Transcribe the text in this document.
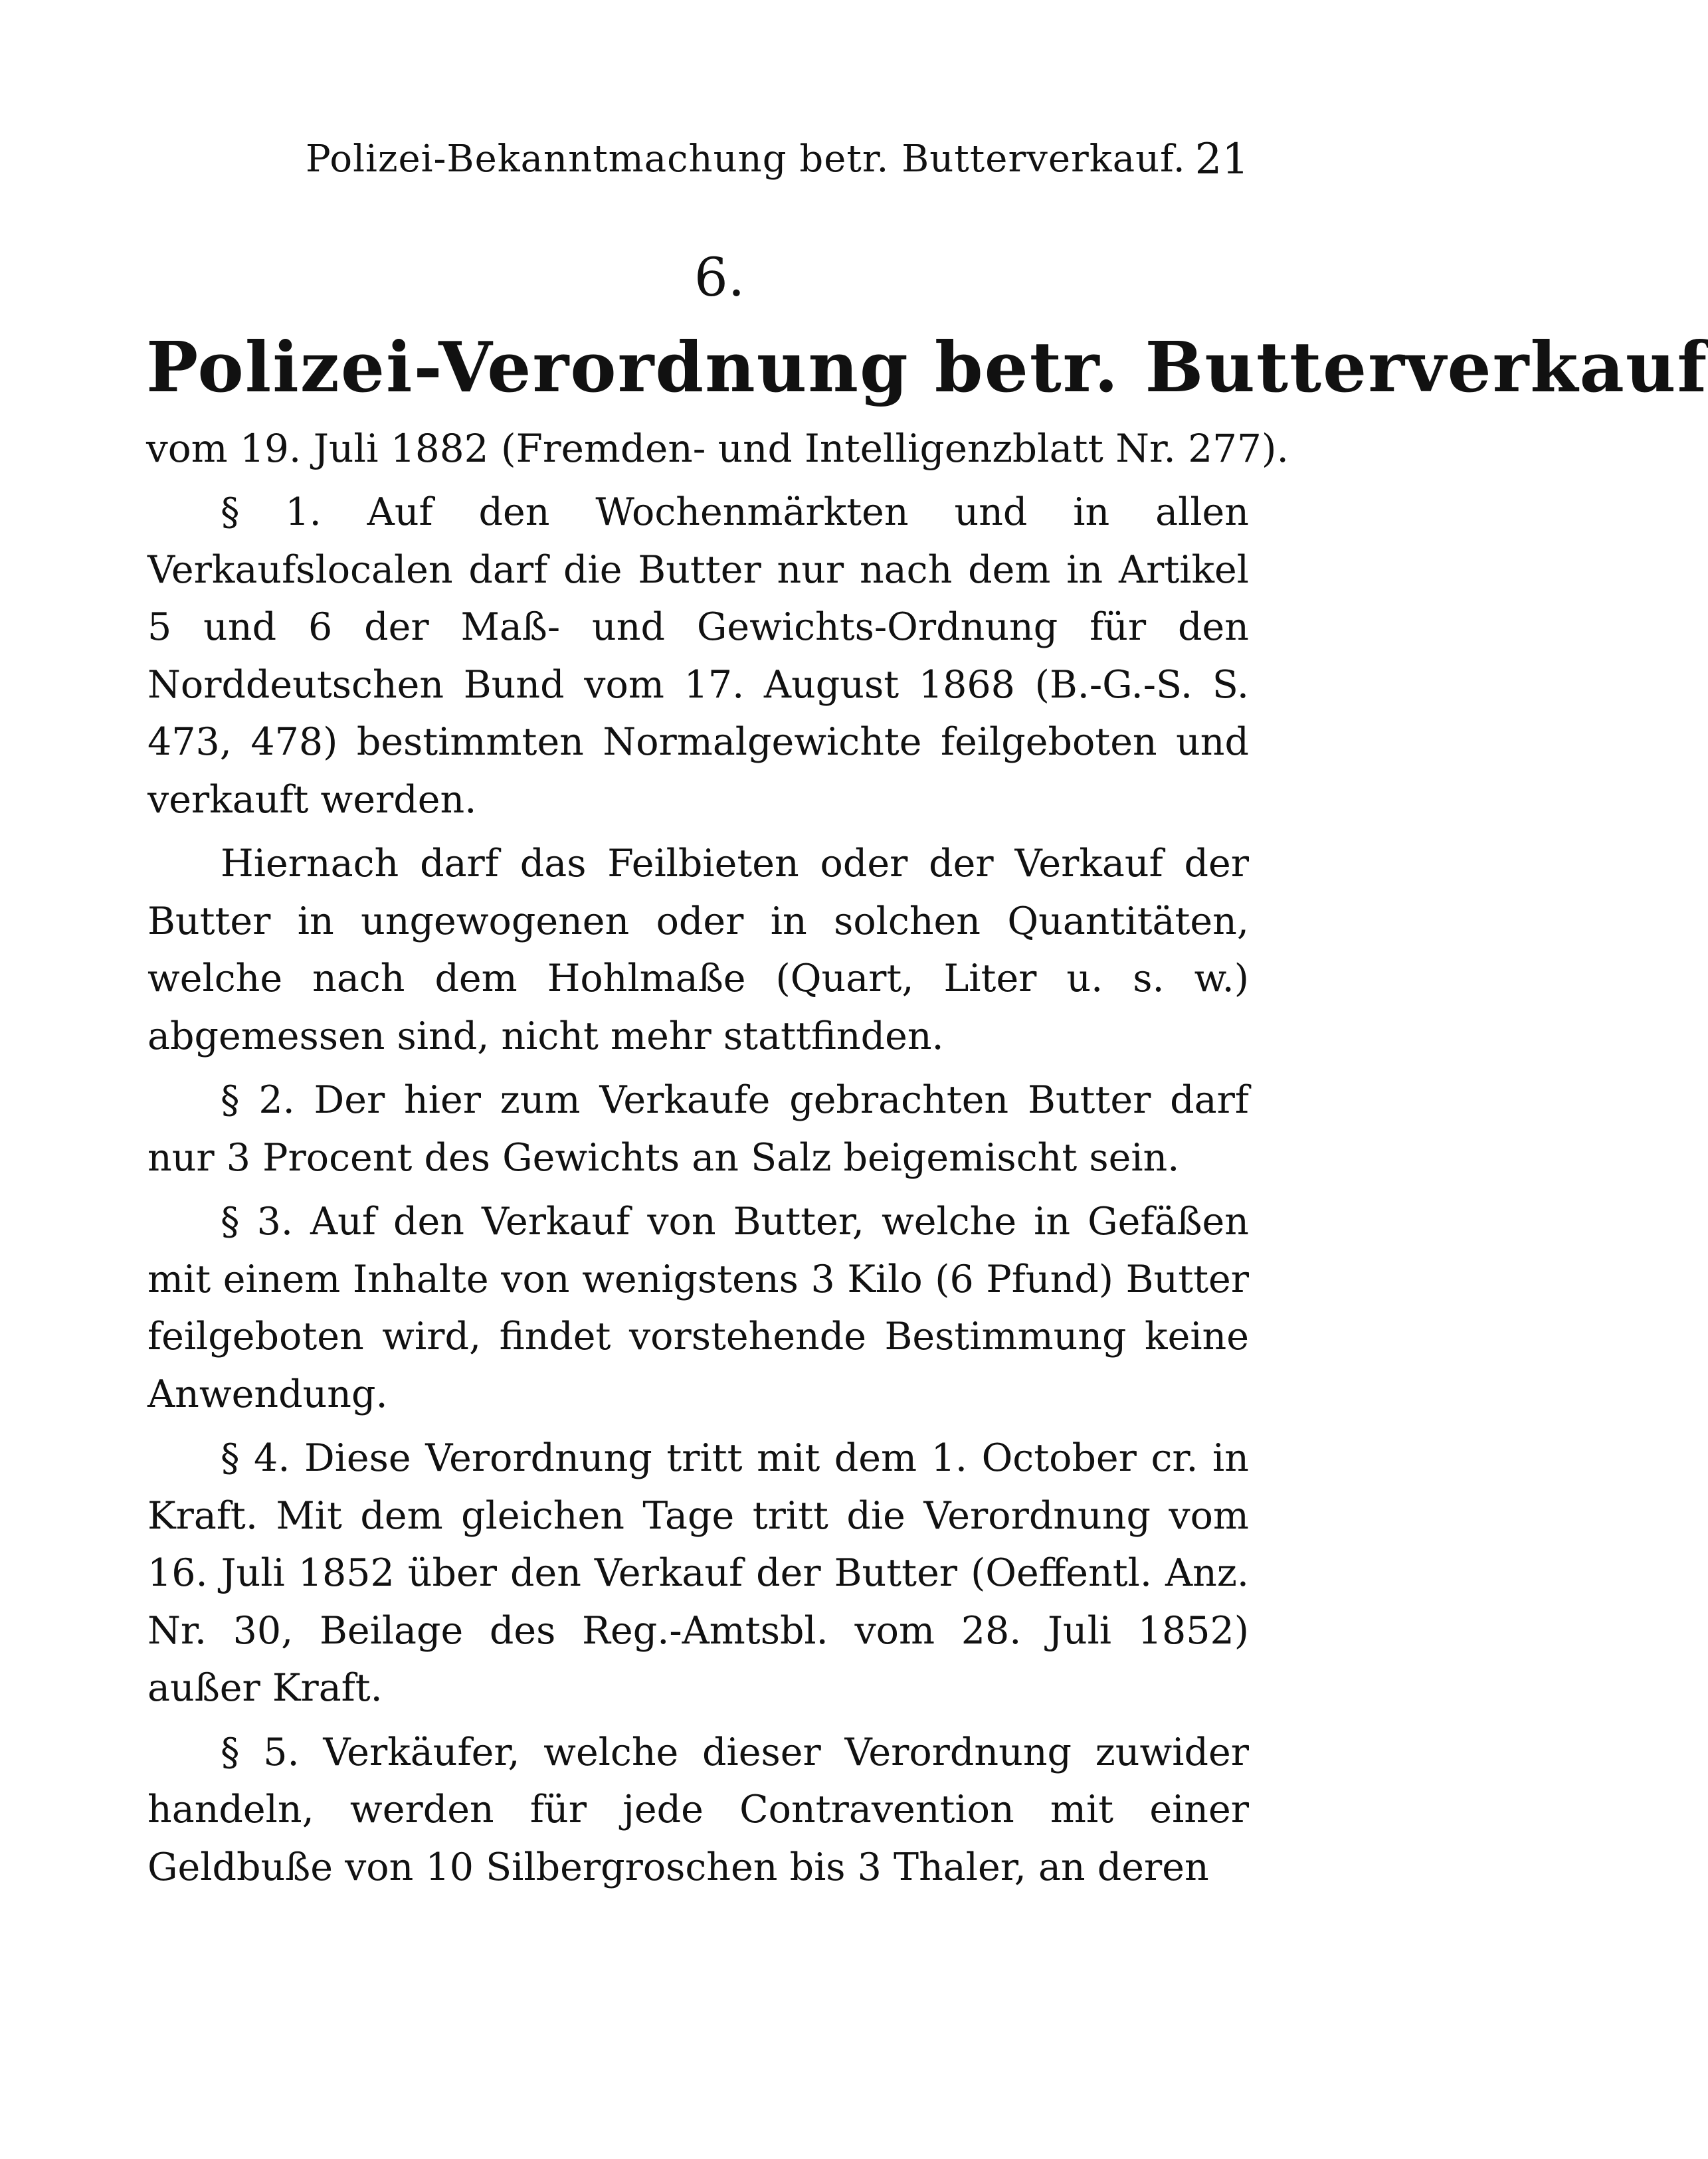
Polizei-Bekanntmachung betr. Butterverkauf. 21
6.
Polizei-Verordnung betr. Butterverkauf
vom 19. Juli 1882 (Fremden- und Intelligenzblatt Nr. 277).

§ 1. Auf den Wochenmärkten und in allen Verkaufslocalen darf die Butter nur nach dem in Artikel 5 und 6 der Maß- und Gewichts-Ordnung für den Norddeutschen Bund vom 17. August 1868 (B.-G.-S. S. 473, 478) bestimmten Normalgewichte feilgeboten und verkauft werden.

Hiernach darf das Feilbieten oder der Verkauf der Butter in ungewogenen oder in solchen Quantitäten, welche nach dem Hohlmaße (Quart, Liter u. s. w.) abgemessen sind, nicht mehr stattfinden.

§ 2. Der hier zum Verkaufe gebrachten Butter darf nur 3 Procent des Gewichts an Salz beigemischt sein.

§ 3. Auf den Verkauf von Butter, welche in Gefäßen mit einem Inhalte von wenigstens 3 Kilo (6 Pfund) Butter feilgeboten wird, findet vorstehende Bestimmung keine Anwendung.

§ 4. Diese Verordnung tritt mit dem 1. October cr. in Kraft. Mit dem gleichen Tage tritt die Verordnung vom 16. Juli 1852 über den Verkauf der Butter (Oeffentl. Anz. Nr. 30, Beilage des Reg.-Amtsbl. vom 28. Juli 1852) außer Kraft.

§ 5. Verkäufer, welche dieser Verordnung zuwider handeln, werden für jede Contravention mit einer Geldbuße von 10 Silbergroschen bis 3 Thaler, an deren
